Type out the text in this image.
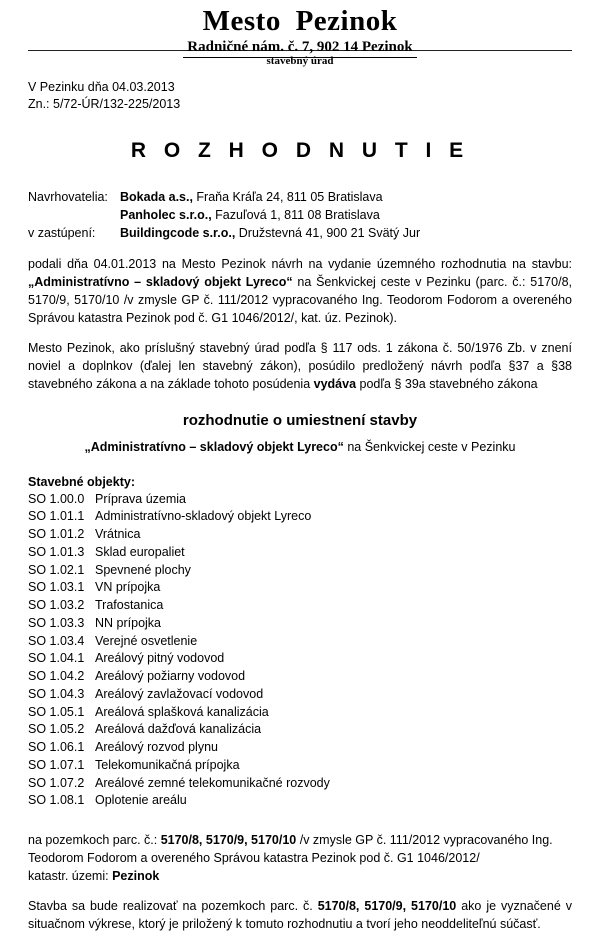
Mesto Pezinok
Radničné nám. č. 7, 902 14 Pezinok
stavebný úrad
V Pezinku dňa 04.03.2013
Zn.: 5/72-ÚR/132-225/2013
R O Z H O D N U T I E
Navrhovatelia: Bokada a.s., Fraňa Kráľa 24, 811 05 Bratislava
Panholec s.r.o., Fazuľová 1, 811 08 Bratislava
v zastúpení:	Buildingcode s.r.o., Družstevná 41, 900 21 Svätý Jur

podali dňa 04.01.2013 na Mesto Pezinok návrh na vydanie územného rozhodnutia na stavbu: „Administratívno – skladový objekt Lyreco“ na Šenkvickej ceste v Pezinku (parc. č.: 5170/8, 5170/9, 5170/10 /v zmysle GP č. 111/2012 vypracovaného Ing. Teodorom Fodorom a overeného Správou katastra Pezinok pod č. G1 1046/2012/, kat. úz. Pezinok).

Mesto Pezinok, ako príslušný stavebný úrad podľa § 117 ods. 1 zákona č. 50/1976 Zb. v znení noviel a doplnkov (ďalej len stavebný zákon), posúdilo predložený návrh podľa §37 a §38 stavebného zákona a na základe tohoto posúdenia vydáva podľa § 39a stavebného zákona

rozhodnutie o umiestnení stavby
„Administratívno – skladový objekt Lyreco“ na Šenkvickej ceste v Pezinku
Stavebné objekty:
SO 1.00.0 Príprava územia
SO 1.01.1 Administratívno-skladový objekt Lyreco
SO 1.01.2 Vrátnica
SO 1.01.3 Sklad europaliet
SO 1.02.1 Spevnené plochy
SO 1.03.1 VN prípojka
SO 1.03.2 Trafostanica
SO 1.03.3 NN prípojka
SO 1.03.4 Verejné osvetlenie
SO 1.04.1 Areálový pitný vodovod
SO 1.04.2 Areálový požiarny vodovod
SO 1.04.3 Areálový zavlažovací vodovod
SO 1.05.1 Areálová splašková kanalizácia
SO 1.05.2 Areálová dažďová kanalizácia
SO 1.06.1 Areálový rozvod plynu
SO 1.07.1 Telekomunikačná prípojka
SO 1.07.2 Areálové zemné telekomunikačné rozvody
SO 1.08.1 Oplotenie areálu

na pozemkoch parc. č.: 5170/8, 5170/9, 5170/10 /v zmysle GP č. 111/2012 vypracovaného Ing. Teodorom Fodorom a overeného Správou katastra Pezinok pod č. G1 1046/2012/
katastr. územi: Pezinok

Stavba sa bude realizovať na pozemkoch parc. č. 5170/8, 5170/9, 5170/10 ako je vyznačené v situačnom výkrese, ktorý je priložený k tomuto rozhodnutiu a tvorí jeho neoddeliteľnú súčasť.
